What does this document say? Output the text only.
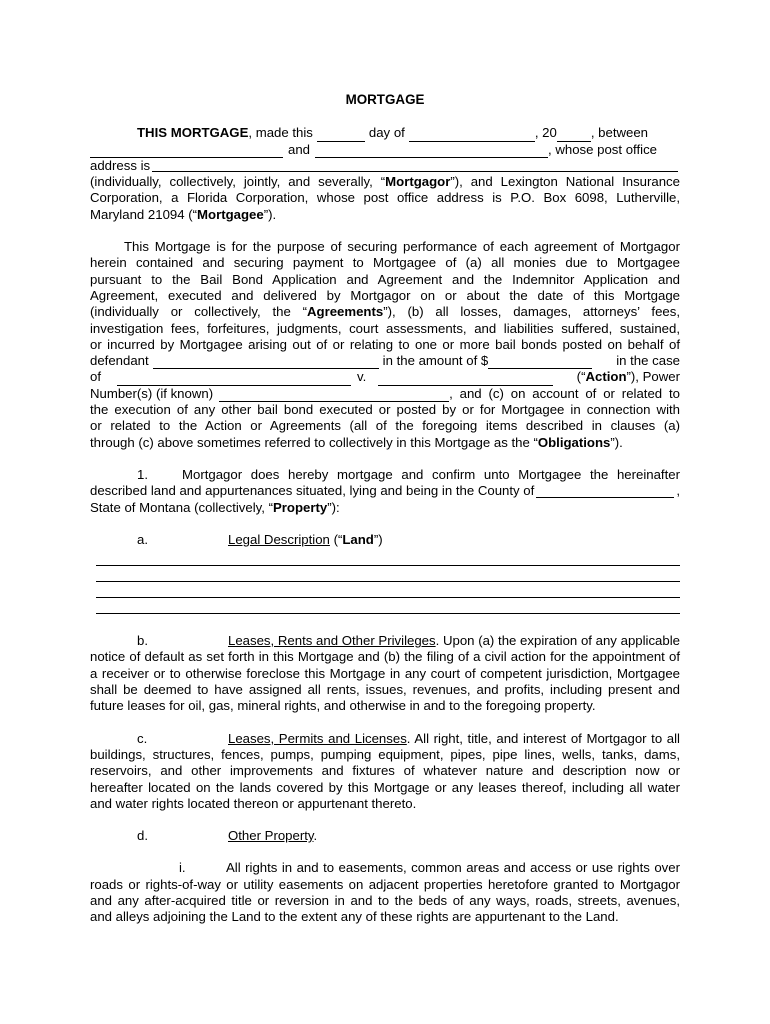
MORTGAGE
THIS MORTGAGE , made this	day of	, 20	, between
and	, whose post office
address is

(individually, collectively, jointly, and severally, “Mortgagor”), and Lexington National Insurance

Corporation, a Florida Corporation, whose post office address is P.O. Box 6098, Lutherville,

Maryland 21094 (“Mortgagee”).

This Mortgage is for the purpose of securing performance of each agreement of Mortgagor

herein contained and securing payment to Mortgagee of (a) all monies due to Mortgagee

pursuant to the Bail Bond Application and Agreement and the Indemnitor Application and

Agreement, executed and delivered by Mortgagor on or about the date of this Mortgage

(individually or collectively, the “Agreements”), (b) all losses, damages, attorneys’ fees,

investigation fees, forfeitures, judgments, court assessments, and liabilities suffered, sustained,

or incurred by Mortgagee arising out of or relating to one or more bail bonds posted on behalf of

defendant	in the amount of $	in the case
of	v.	(“Action”), Power
Number(s) (if known)	, and (c) on account of or related to

the execution of any other bail bond executed or posted by or for Mortgagee in connection with

or related to the Action or Agreements (all of the foregoing items described in clauses (a)

through (c) above sometimes referred to collectively in this Mortgage as the “Obligations”).

1.	Mortgagor does hereby mortgage and confirm unto Mortgagee the hereinafter
described land and appurtenances situated, lying and being in the County of	,

State of Montana (collectively, “Property”):

a.	Legal Description (“Land”)

b.	Leases, Rents and Other Privileges. Upon (a) the expiration of any applicable

notice of default as set forth in this Mortgage and (b) the filing of a civil action for the appointment of

a receiver or to otherwise foreclose this Mortgage in any court of competent jurisdiction, Mortgagee

shall be deemed to have assigned all rents, issues, revenues, and profits, including present and

future leases for oil, gas, mineral rights, and otherwise in and to the foregoing property.

c.	Leases, Permits and Licenses. All right, title, and interest of Mortgagor to all

buildings, structures, fences, pumps, pumping equipment, pipes, pipe lines, wells, tanks, dams,

reservoirs, and other improvements and fixtures of whatever nature and description now or

hereafter located on the lands covered by this Mortgage or any leases thereof, including all water

and water rights located thereon or appurtenant thereto.

d.	Other Property.

i.	All rights in and to easements, common areas and access or use rights over

roads or rights-of-way or utility easements on adjacent properties heretofore granted to Mortgagor

and any after-acquired title or reversion in and to the beds of any ways, roads, streets, avenues,

and alleys adjoining the Land to the extent any of these rights are appurtenant to the Land.
